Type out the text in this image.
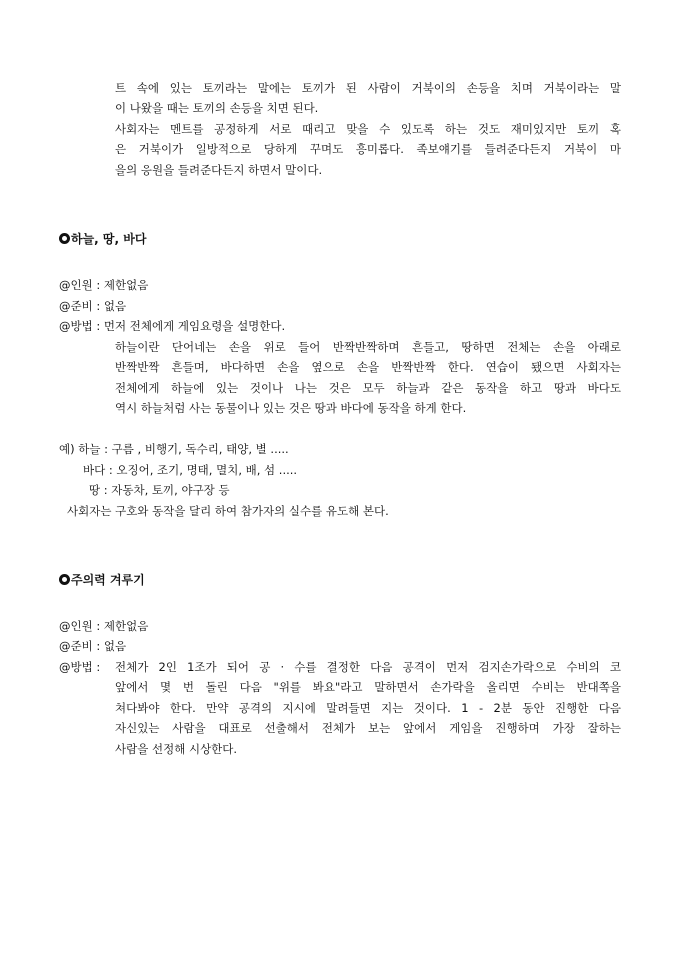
트 속에 있는 토끼라는 말에는 토끼가 된 사람이 거북이의 손등을 치며 거북이라는 말
이 나왔을 때는 토끼의 손등을 치면 된다.
사회자는 멘트를 공정하게 서로 때리고 맞을 수 있도록 하는 것도 재미있지만 토끼 혹
은 거북이가 일방적으로 당하게 꾸며도 흥미롭다. 족보얘기를 들려준다든지 거북이 마
을의 응원을 들려준다든지 하면서 말이다.
하늘, 땅, 바다
@인원 : 제한없음
@준비 : 없음
@방법 : 먼저 전체에게 게임요령을 설명한다.
하늘이란 단어네는 손을 위로 들어 반짝반짝하며 흔들고, 땅하면 전체는 손을 아래로
반짝반짝 흔들며, 바다하면 손을 옆으로 손을 반짝반짝 한다. 연습이 됐으면 사회자는
전체에게 하늘에 있는 것이나 나는 것은 모두 하늘과 같은 동작을 하고 땅과 바다도
역시 하늘처럼 사는 동물이나 있는 것은 땅과 바다에 동작을 하게 한다.
예) 하늘 : 구름 , 비행기, 독수리, 태양, 별 .....
바다 : 오징어, 조기, 명태, 멸치, 배, 섬 .....
땅 : 자동차, 토끼, 야구장 등
사회자는 구호와 동작을 달리 하여 참가자의 실수를 유도해 본다.
주의력 겨루기
@인원 : 제한없음
@준비 : 없음
@방법 : 전체가 2인 1조가 되어 공 · 수를 결정한 다음 공격이 먼저 검지손가락으로 수비의 코
앞에서 몇 번 돌린 다음 "위를 봐요"라고 말하면서 손가락을 올리면 수비는 반대쪽을
쳐다봐야 한다. 만약 공격의 지시에 말려들면 지는 것이다. 1 - 2분 동안 진행한 다음
자신있는 사람을 대표로 선출해서 전체가 보는 앞에서 게임을 진행하며 가장 잘하는
사람을 선정해 시상한다.
